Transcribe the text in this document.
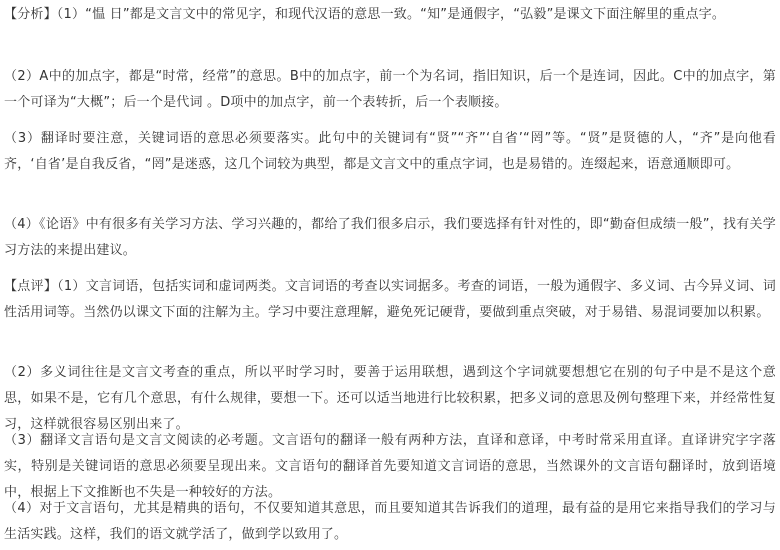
【分析】（1）“愠 日”都是文言文中的常见字，和现代汉语的意思一致。“知”是通假字，“弘毅”是课文下面注解里的重点字。

（2）A中的加点字，都是“时常，经常”的意思。B中的加点字，前一个为名词，指旧知识，后一个是连词，因此。C中的加点字，第一个可译为“大概”；后一个是代词 。D项中的加点字，前一个表转折，后一个表顺接。

（3）翻译时要注意，关键词语的意思必须要落实。此句中的关键词有“贤”“齐”‘自省’“罔”等。“贤”是贤德的人，“齐”是向他看齐，‘自省’是自我反省，“罔”是迷惑，这几个词较为典型，都是文言文中的重点字词，也是易错的。连缀起来，语意通顺即可。

（4）《论语》中有很多有关学习方法、学习兴趣的，都给了我们很多启示，我们要选择有针对性的，即“勤奋但成绩一般”，找有关学习方法的来提出建议。

【点评】（1）文言词语，包括实词和虚词两类。文言词语的考查以实词据多。考查的词语，一般为通假字、多义词、古今异义词、词性活用词等。当然仍以课文下面的注解为主。学习中要注意理解，避免死记硬背，要做到重点突破，对于易错、易混词要加以积累。

（2）多义词往往是文言文考查的重点，所以平时学习时，要善于运用联想，遇到这个字词就要想想它在别的句子中是不是这个意思，如果不是，它有几个意思，有什么规律，要想一下。还可以适当地进行比较积累，把多义词的意思及例句整理下来，并经常性复习，这样就很容易区别出来了。

（3）翻译文言语句是文言文阅读的必考题。文言语句的翻译一般有两种方法，直译和意译，中考时常采用直译。直译讲究字字落实，特别是关键词语的意思必须要呈现出来。文言语句的翻译首先要知道文言词语的意思，当然课外的文言语句翻译时，放到语境中，根据上下文推断也不失是一种较好的方法。

（4）对于文言语句，尤其是精典的语句，不仅要知道其意思，而且要知道其告诉我们的道理，最有益的是用它来指导我们的学习与生活实践。这样，我们的语文就学活了，做到学以致用了。
